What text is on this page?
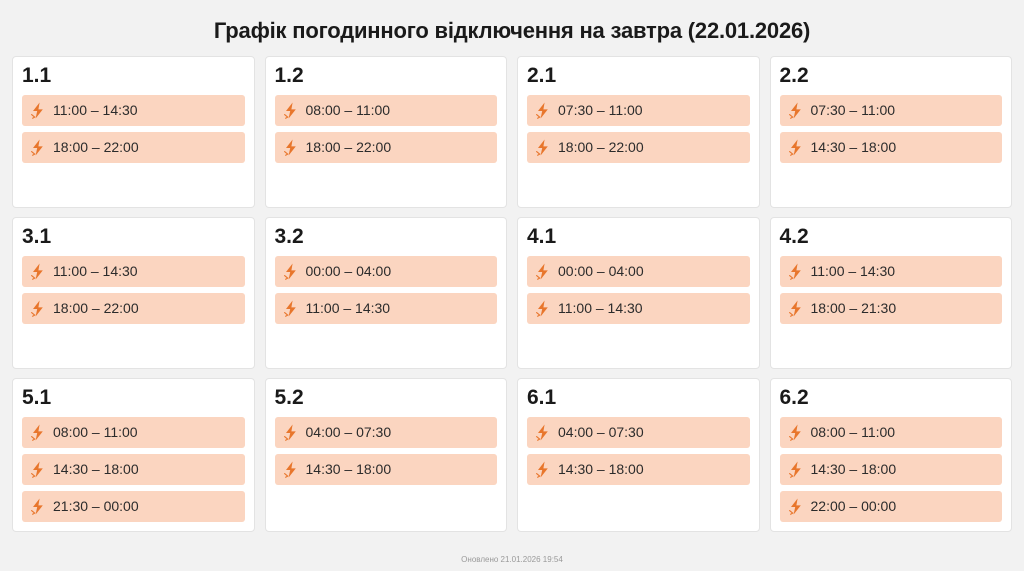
Графік погодинного відключення на завтра (22.01.2026)
1.1
11:00 – 14:30
18:00 – 22:00
1.2
08:00 – 11:00
18:00 – 22:00
2.1
07:30 – 11:00
18:00 – 22:00
2.2
07:30 – 11:00
14:30 – 18:00
3.1
11:00 – 14:30
18:00 – 22:00
3.2
00:00 – 04:00
11:00 – 14:30
4.1
00:00 – 04:00
11:00 – 14:30
4.2
11:00 – 14:30
18:00 – 21:30
5.1
08:00 – 11:00
14:30 – 18:00
21:30 – 00:00
5.2
04:00 – 07:30
14:30 – 18:00
6.1
04:00 – 07:30
14:30 – 18:00
6.2
08:00 – 11:00
14:30 – 18:00
22:00 – 00:00
Оновлено 21.01.2026 19:54
